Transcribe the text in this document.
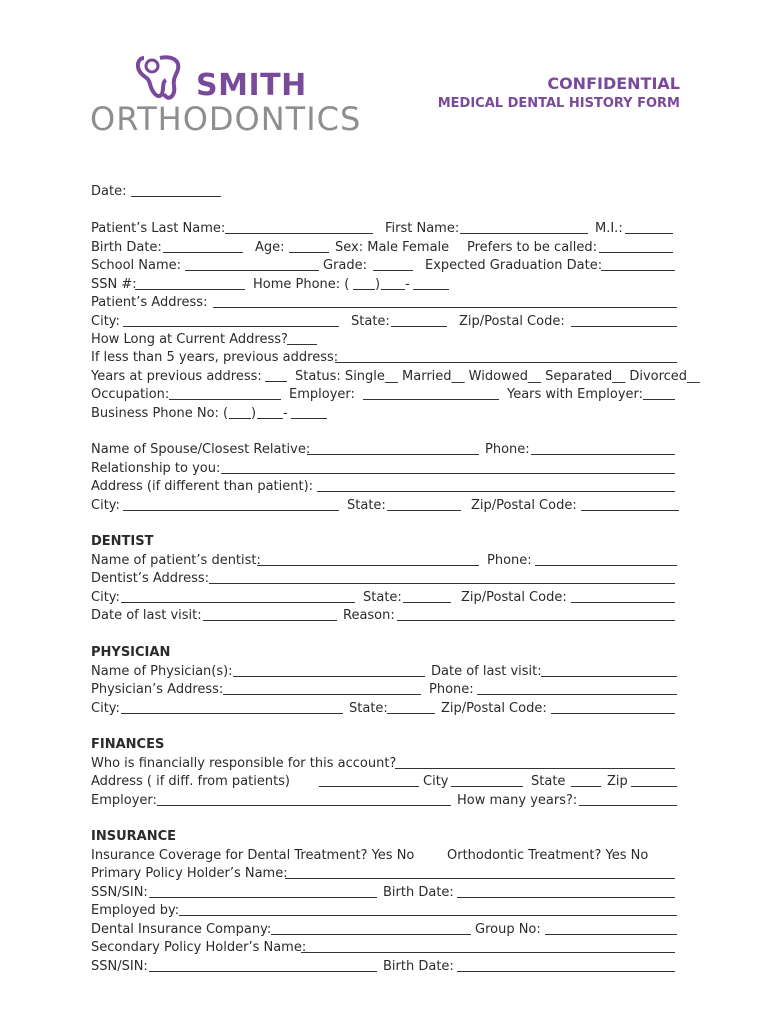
SMITH
ORTHODONTICS
CONFIDENTIAL
MEDICAL DENTAL HISTORY FORM
Date:
Patient’s Last Name:	First Name:	M.I.:
Birth Date:	Age:	Sex: Male Female Prefers to be called:
School Name:	Grade:	Expected Graduation Date:
SSN #:	Home Phone: ( ) -
Patient’s Address:
City:	State:	Zip/Postal Code:
How Long at Current Address?
If less than 5 years, previous address:
Years at previous address:	Status: Single__ Married__ Widowed__ Separated__ Divorced__
Occupation:	Employer:	Years with Employer:
Business Phone No: ( ) -
Name of Spouse/Closest Relative:	Phone:
Relationship to you:
Address (if different than patient):
City:	State:	Zip/Postal Code:
DENTIST
Name of patient’s dentist:	Phone:
Dentist’s Address:
City:	State:	Zip/Postal Code:
Date of last visit:	Reason:
PHYSICIAN
Name of Physician(s):	Date of last visit:
Physician’s Address:	Phone:
City:	State:	Zip/Postal Code:
FINANCES
Who is financially responsible for this account?
Address ( if diff. from patients)	City	State	Zip
Employer:	How many years?:
INSURANCE
Insurance Coverage for Dental Treatment? Yes No	Orthodontic Treatment? Yes No
Primary Policy Holder’s Name:
SSN/SIN:	Birth Date:
Employed by:
Dental Insurance Company:	Group No:
Secondary Policy Holder’s Name:
SSN/SIN:	Birth Date:
